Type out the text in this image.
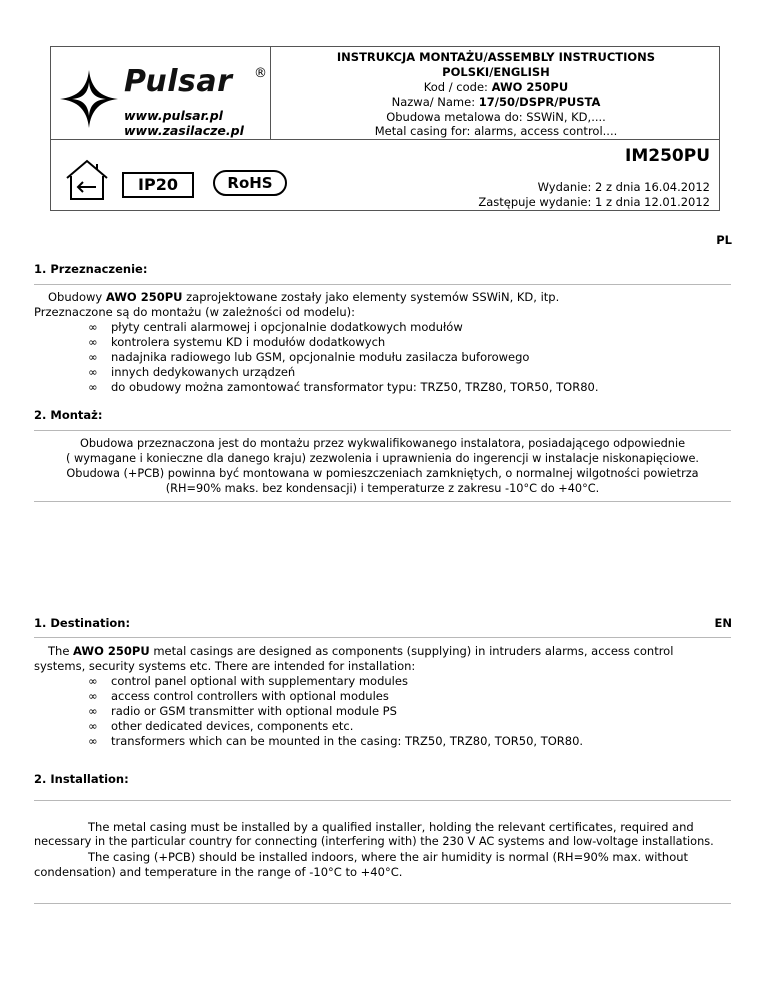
Pulsar ®
www.pulsar.pl
www.zasilacze.pl
INSTRUKCJA MONTAŻU/ASSEMBLY INSTRUCTIONS
POLSKI/ENGLISH
Kod / code: AWO 250PU
Nazwa/ Name: 17/50/DSPR/PUSTA
Obudowa metalowa do: SSWiN, KD,....
Metal casing for: alarms, access control....
IP20	RoHS
IM250PU
Wydanie: 2 z dnia 16.04.2012
Zastępuje wydanie: 1 z dnia 12.01.2012
PL
1. Przeznaczenie:
Obudowy AWO 250PU zaprojektowane zostały jako elementy systemów SSWiN, KD, itp.
Przeznaczone są do montażu (w zależności od modelu):
∞ płyty centrali alarmowej i opcjonalnie dodatkowych modułów
∞ kontrolera systemu KD i modułów dodatkowych
∞ nadajnika radiowego lub GSM, opcjonalnie modułu zasilacza buforowego
∞ innych dedykowanych urządzeń
∞ do obudowy można zamontować transformator typu: TRZ50, TRZ80, TOR50, TOR80.
2. Montaż:
Obudowa przeznaczona jest do montażu przez wykwalifikowanego instalatora, posiadającego odpowiednie
( wymagane i konieczne dla danego kraju) zezwolenia i uprawnienia do ingerencji w instalacje niskonapięciowe.
Obudowa (+PCB) powinna być montowana w pomieszczeniach zamkniętych, o normalnej wilgotności powietrza
(RH=90% maks. bez kondensacji) i temperaturze z zakresu -10°C do +40°C.
1. Destination:	EN
The AWO 250PU metal casings are designed as components (supplying) in intruders alarms, access control
systems, security systems etc. There are intended for installation:
∞ control panel optional with supplementary modules
∞ access control controllers with optional modules
∞ radio or GSM transmitter with optional module PS
∞ other dedicated devices, components etc.
∞ transformers which can be mounted in the casing: TRZ50, TRZ80, TOR50, TOR80.
2. Installation:
The metal casing must be installed by a qualified installer, holding the relevant certificates, required and
necessary in the particular country for connecting (interfering with) the 230 V AC systems and low-voltage installations.
The casing (+PCB) should be installed indoors, where the air humidity is normal (RH=90% max. without
condensation) and temperature in the range of -10°C to +40°C.
